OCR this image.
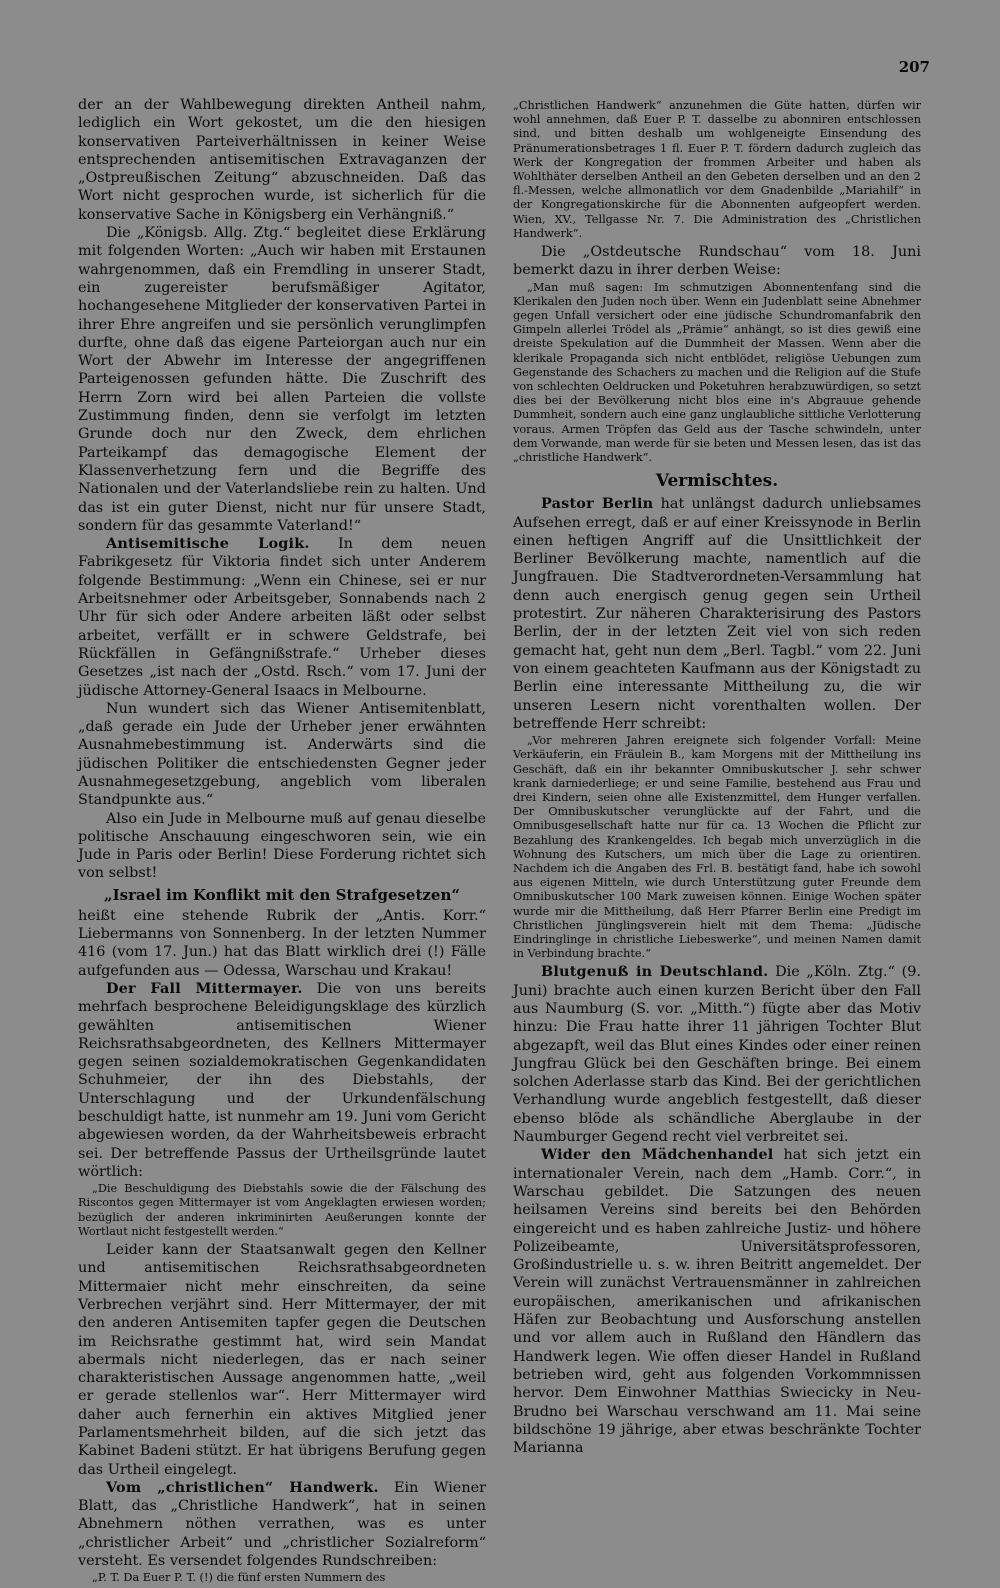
207

der an der Wahlbewegung direkten Antheil nahm, lediglich ein Wort gekostet, um die den hiesigen konservativen Parteiverhältnissen in keiner Weise entsprechenden antisemitischen Extravaganzen der „Ostpreußischen Zeitung“ abzuschneiden. Daß das Wort nicht gesprochen wurde, ist sicherlich für die konservative Sache in Königsberg ein Verhängniß.“

Die „Königsb. Allg. Ztg.“ begleitet diese Erklärung mit folgenden Worten: „Auch wir haben mit Erstaunen wahrgenommen, daß ein Fremdling in unserer Stadt, ein zugereister berufsmäßiger Agitator, hochangesehene Mitglieder der konservativen Partei in ihrer Ehre angreifen und sie persönlich verunglimpfen durfte, ohne daß das eigene Parteiorgan auch nur ein Wort der Abwehr im Interesse der angegriffenen Parteigenossen gefunden hätte. Die Zuschrift des Herrn Zorn wird bei allen Parteien die vollste Zustimmung finden, denn sie verfolgt im letzten Grunde doch nur den Zweck, dem ehrlichen Parteikampf das demagogische Element der Klassenverhetzung fern und die Begriffe des Nationalen und der Vaterlandsliebe rein zu halten. Und das ist ein guter Dienst, nicht nur für unsere Stadt, sondern für das gesammte Vaterland!“

Antisemitische Logik. In dem neuen Fabrikgesetz für Viktoria findet sich unter Anderem folgende Bestimmung: „Wenn ein Chinese, sei er nur Arbeitsnehmer oder Arbeitsgeber, Sonnabends nach 2 Uhr für sich oder Andere arbeiten läßt oder selbst arbeitet, verfällt er in schwere Geldstrafe, bei Rückfällen in Gefängnißstrafe.“ Urheber dieses Gesetzes „ist nach der „Ostd. Rsch.“ vom 17. Juni der jüdische Attorney-General Isaacs in Melbourne.

Nun wundert sich das Wiener Antisemitenblatt, „daß gerade ein Jude der Urheber jener erwähnten Ausnahmebestimmung ist. Anderwärts sind die jüdischen Politiker die entschiedensten Gegner jeder Ausnahmegesetzgebung, angeblich vom liberalen Standpunkte aus.“

Also ein Jude in Melbourne muß auf genau dieselbe politische Anschauung eingeschworen sein, wie ein Jude in Paris oder Berlin! Diese Forderung richtet sich von selbst!

„Israel im Konflikt mit den Strafgesetzen“

heißt eine stehende Rubrik der „Antis. Korr.“ Liebermanns von Sonnenberg. In der letzten Nummer 416 (vom 17. Jun.) hat das Blatt wirklich drei (!) Fälle aufgefunden aus — Odessa, Warschau und Krakau!

Der Fall Mittermayer. Die von uns bereits mehrfach besprochene Beleidigungsklage des kürzlich gewählten antisemitischen Wiener Reichsrathsabgeordneten, des Kellners Mittermayer gegen seinen sozialdemokratischen Gegenkandidaten Schuhmeier, der ihn des Diebstahls, der Unterschlagung und der Urkundenfälschung beschuldigt hatte, ist nunmehr am 19. Juni vom Gericht abgewiesen worden, da der Wahrheitsbeweis erbracht sei. Der betreffende Passus der Urtheilsgründe lautet wörtlich:

„Die Beschuldigung des Diebstahls sowie die der Fälschung des Riscontos gegen Mittermayer ist vom Angeklagten erwiesen worden; bezüglich der anderen inkriminirten Aeußerungen konnte der Wortlaut nicht festgestellt werden.“

Leider kann der Staatsanwalt gegen den Kellner und antisemitischen Reichsrathsabgeordneten Mittermaier nicht mehr einschreiten, da seine Verbrechen verjährt sind. Herr Mittermayer, der mit den anderen Antisemiten tapfer gegen die Deutschen im Reichsrathe gestimmt hat, wird sein Mandat abermals nicht niederlegen, das er nach seiner charakteristischen Aussage angenommen hatte, „weil er gerade stellenlos war“. Herr Mittermayer wird daher auch fernerhin ein aktives Mitglied jener Parlamentsmehrheit bilden, auf die sich jetzt das Kabinet Badeni stützt. Er hat übrigens Berufung gegen das Urtheil eingelegt.

Vom „christlichen“ Handwerk. Ein Wiener Blatt, das „Christliche Handwerk“, hat in seinen Abnehmern nöthen verrathen, was es unter „christlicher Arbeit“ und „christlicher Sozialreform“ versteht. Es versendet folgendes Rundschreiben:

„P. T. Da Euer P. T. (!) die fünf ersten Nummern des

„Christlichen Handwerk“ anzunehmen die Güte hatten, dürfen wir wohl annehmen, daß Euer P. T. dasselbe zu abonniren entschlossen sind, und bitten deshalb um wohlgeneigte Einsendung des Pränumerationsbetrages 1 fl. Euer P. T. fördern dadurch zugleich das Werk der Kongregation der frommen Arbeiter und haben als Wohlthäter derselben Antheil an den Gebeten derselben und an den 2 fl.-Messen, welche allmonatlich vor dem Gnadenbilde „Mariahilf“ in der Kongregationskirche für die Abonnenten aufgeopfert werden. Wien, XV., Tellgasse Nr. 7. Die Administration des „Christlichen Handwerk“.

Die „Ostdeutsche Rundschau“ vom 18. Juni bemerkt dazu in ihrer derben Weise:

„Man muß sagen: Im schmutzigen Abonnentenfang sind die Klerikalen den Juden noch über. Wenn ein Judenblatt seine Abnehmer gegen Unfall versichert oder eine jüdische Schundromanfabrik den Gimpeln allerlei Trödel als „Prämie“ anhängt, so ist dies gewiß eine dreiste Spekulation auf die Dummheit der Massen. Wenn aber die klerikale Propaganda sich nicht entblödet, religiöse Uebungen zum Gegenstande des Schachers zu machen und die Religion auf die Stufe von schlechten Oeldrucken und Poketuhren herabzuwürdigen, so setzt dies bei der Bevölkerung nicht blos eine in's Abgrauue gehende Dummheit, sondern auch eine ganz unglaubliche sittliche Verlotterung voraus. Armen Tröpfen das Geld aus der Tasche schwindeln, unter dem Vorwande, man werde für sie beten und Messen lesen, das ist das „christliche Handwerk“.

Vermischtes.

Pastor Berlin hat unlängst dadurch unliebsames Aufsehen erregt, daß er auf einer Kreissynode in Berlin einen heftigen Angriff auf die Unsittlichkeit der Berliner Bevölkerung machte, namentlich auf die Jungfrauen. Die Stadtverordneten-Versammlung hat denn auch energisch genug gegen sein Urtheil protestirt. Zur näheren Charakterisirung des Pastors Berlin, der in der letzten Zeit viel von sich reden gemacht hat, geht nun dem „Berl. Tagbl.“ vom 22. Juni von einem geachteten Kaufmann aus der Königstadt zu Berlin eine interessante Mittheilung zu, die wir unseren Lesern nicht vorenthalten wollen. Der betreffende Herr schreibt:

„Vor mehreren Jahren ereignete sich folgender Vorfall: Meine Verkäuferin, ein Fräulein B., kam Morgens mit der Mittheilung ins Geschäft, daß ein ihr bekannter Omnibuskutscher J. sehr schwer krank darniederliege; er und seine Familie, bestehend aus Frau und drei Kindern, seien ohne alle Existenzmittel, dem Hunger verfallen. Der Omnibuskutscher verunglückte auf der Fahrt, und die Omnibusgesellschaft hatte nur für ca. 13 Wochen die Pflicht zur Bezahlung des Krankengeldes. Ich begab mich unverzüglich in die Wohnung des Kutschers, um mich über die Lage zu orientiren. Nachdem ich die Angaben des Frl. B. bestätigt fand, habe ich sowohl aus eigenen Mitteln, wie durch Unterstützung guter Freunde dem Omnibuskutscher 100 Mark zuweisen können. Einige Wochen später wurde mir die Mittheilung, daß Herr Pfarrer Berlin eine Predigt im Christlichen Jünglingsverein hielt mit dem Thema: „Jüdische Eindringlinge in christliche Liebeswerke“, und meinen Namen damit in Verbindung brachte.“

Blutgenuß in Deutschland. Die „Köln. Ztg.“ (9. Juni) brachte auch einen kurzen Bericht über den Fall aus Naumburg (S. vor. „Mitth.“) fügte aber das Motiv hinzu: Die Frau hatte ihrer 11 jährigen Tochter Blut abgezapft, weil das Blut eines Kindes oder einer reinen Jungfrau Glück bei den Geschäften bringe. Bei einem solchen Aderlasse starb das Kind. Bei der gerichtlichen Verhandlung wurde angeblich festgestellt, daß dieser ebenso blöde als schändliche Aberglaube in der Naumburger Gegend recht viel verbreitet sei.

Wider den Mädchenhandel hat sich jetzt ein internationaler Verein, nach dem „Hamb. Corr.“, in Warschau gebildet. Die Satzungen des neuen heilsamen Vereins sind bereits bei den Behörden eingereicht und es haben zahlreiche Justiz- und höhere Polizeibeamte, Universitätsprofessoren, Großindustrielle u. s. w. ihren Beitritt angemeldet. Der Verein will zunächst Vertrauensmänner in zahlreichen europäischen, amerikanischen und afrikanischen Häfen zur Beobachtung und Ausforschung anstellen und vor allem auch in Rußland den Händlern das Handwerk legen. Wie offen dieser Handel in Rußland betrieben wird, geht aus folgenden Vorkommnissen hervor. Dem Einwohner Matthias Swiecicky in Neu-Brudno bei Warschau verschwand am 11. Mai seine bildschöne 19 jährige, aber etwas beschränkte Tochter Marianna
